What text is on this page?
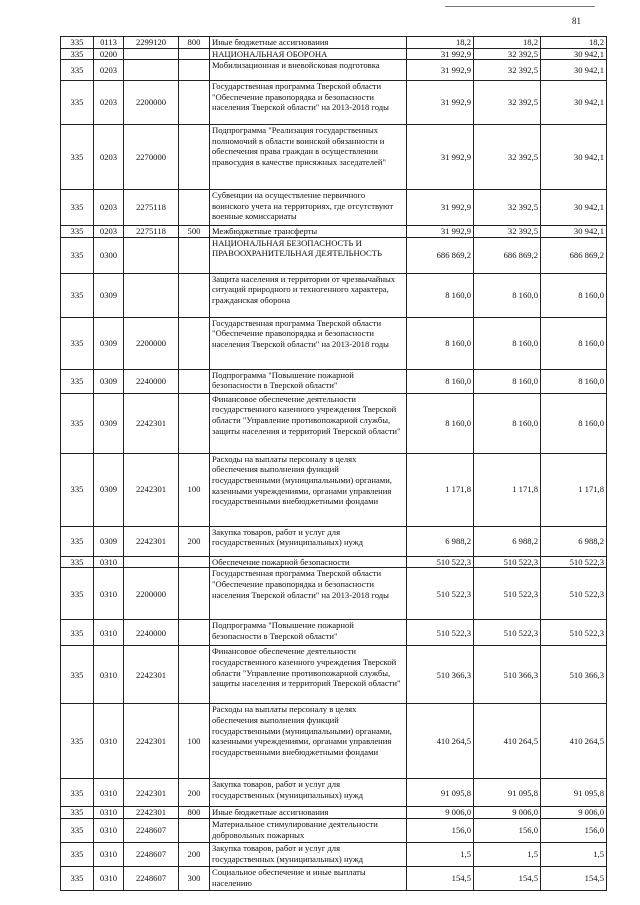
81
335	0113	2299120	800	Иные бюджетные ассигнования	18,2	18,2	18,2
335	0200			НАЦИОНАЛЬНАЯ ОБОРОНА	31 992,9	32 392,5	30 942,1
335	0203			Мобилизационная и вневойсковая подготовка	31 992,9	32 392,5	30 942,1
335	0203	2200000		Государственная программа Тверской области "Обеспечение правопорядка и безопасности населения Тверской области" на 2013-2018 годы	31 992,9	32 392,5	30 942,1
335	0203	2270000		Подпрограмма "Реализация государственных полномочий в области воинской обязанности и обеспечения права граждан в осуществлении правосудия в качестве присяжных заседателей"	31 992,9	32 392,5	30 942,1
335	0203	2275118		Субвенции на осуществление первичного воинского учета на территориях, где отсутствуют военные комиссариаты	31 992,9	32 392,5	30 942,1
335	0203	2275118	500	Межбюджетные трансферты	31 992,9	32 392,5	30 942,1
335	0300			НАЦИОНАЛЬНАЯ БЕЗОПАСНОСТЬ И ПРАВООХРАНИТЕЛЬНАЯ ДЕЯТЕЛЬНОСТЬ	686 869,2	686 869,2	686 869,2
335	0309			Защита населения и территории от чрезвычайных ситуаций природного и техногенного характера, гражданская оборона	8 160,0	8 160,0	8 160,0
335	0309	2200000		Государственная программа Тверской области "Обеспечение правопорядка и безопасности населения Тверской области" на 2013-2018 годы	8 160,0	8 160,0	8 160,0
335	0309	2240000		Подпрограмма "Повышение пожарной безопасности в Тверской области"	8 160,0	8 160,0	8 160,0
335	0309	2242301		Финансовое обеспечение деятельности государственного казенного учреждения Тверской области "Управление противопожарной службы, защиты населения и территорий Тверской области"	8 160,0	8 160,0	8 160,0
335	0309	2242301	100	Расходы на выплаты персоналу в целях обеспечения выполнения функций государственными (муниципальными) органами, казенными учреждениями, органами управления государственными внебюджетными фондами	1 171,8	1 171,8	1 171,8
335	0309	2242301	200	Закупка товаров, работ и услуг для государственных (муниципальных) нужд	6 988,2	6 988,2	6 988,2
335	0310			Обеспечение пожарной безопасности	510 522,3	510 522,3	510 522,3
335	0310	2200000		Государственная программа Тверской области "Обеспечение правопорядка и безопасности населения Тверской области" на 2013-2018 годы	510 522,3	510 522,3	510 522,3
335	0310	2240000		Подпрограмма "Повышение пожарной безопасности в Тверской области"	510 522,3	510 522,3	510 522,3
335	0310	2242301		Финансовое обеспечение деятельности государственного казенного учреждения Тверской области "Управление противопожарной службы, защиты населения и территорий Тверской области"	510 366,3	510 366,3	510 366,3
335	0310	2242301	100	Расходы на выплаты персоналу в целях обеспечения выполнения функций государственными (муниципальными) органами, казенными учреждениями, органами управления государственными внебюджетными фондами	410 264,5	410 264,5	410 264,5
335	0310	2242301	200	Закупка товаров, работ и услуг для государственных (муниципальных) нужд	91 095,8	91 095,8	91 095,8
335	0310	2242301	800	Иные бюджетные ассигнования	9 006,0	9 006,0	9 006,0
335	0310	2248607		Материальное стимулирование деятельности добровольных пожарных	156,0	156,0	156,0
335	0310	2248607	200	Закупка товаров, работ и услуг для государственных (муниципальных) нужд	1,5	1,5	1,5
335	0310	2248607	300	Социальное обеспечение и иные выплаты населению	154,5	154,5	154,5
